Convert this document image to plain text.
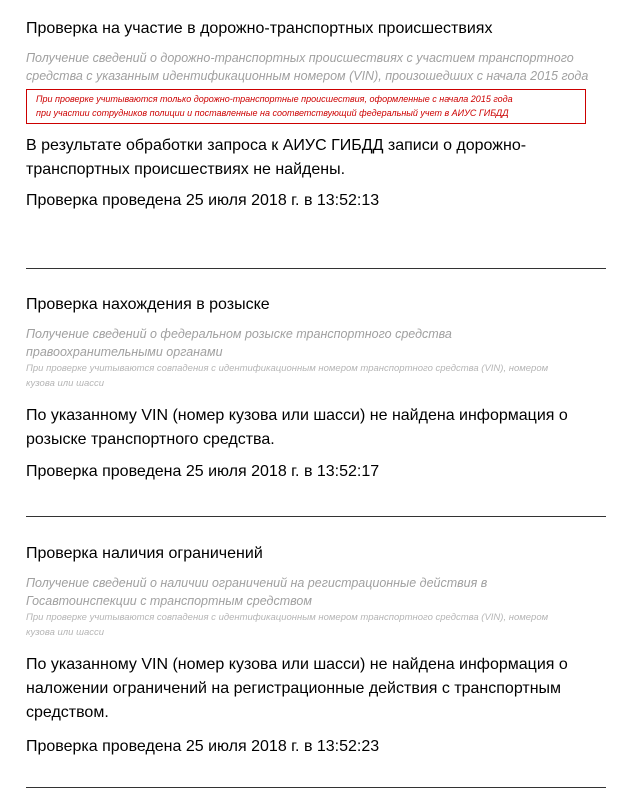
Проверка на участие в дорожно-транспортных происшествиях
Получение сведений о дорожно-транспортных происшествиях с участием транспортного средства с указанным идентификационным номером (VIN), произошедших с начала 2015 года
При проверке учитываются только дорожно-транспортные происшествия, оформленные с начала 2015 года
при участии сотрудников полиции и поставленные на соответствующий федеральный учет в АИУС ГИБДД
В результате обработки запроса к АИУС ГИБДД записи о дорожно-
транспортных происшествиях не найдены.
Проверка проведена 25 июля 2018 г. в 13:52:13
Проверка нахождения в розыске
Получение сведений о федеральном розыске транспортного средства
правоохранительными органами
При проверке учитываются совпадения с идентификационным номером транспортного средства (VIN), номером
кузова или шасси
По указанному VIN (номер кузова или шасси) не найдена информация о
розыске транспортного средства.
Проверка проведена 25 июля 2018 г. в 13:52:17
Проверка наличия ограничений
Получение сведений о наличии ограничений на регистрационные действия в
Госавтоинспекции с транспортным средством
При проверке учитываются совпадения с идентификационным номером транспортного средства (VIN), номером
кузова или шасси
По указанному VIN (номер кузова или шасси) не найдена информация о
наложении ограничений на регистрационные действия с транспортным
средством.
Проверка проведена 25 июля 2018 г. в 13:52:23
